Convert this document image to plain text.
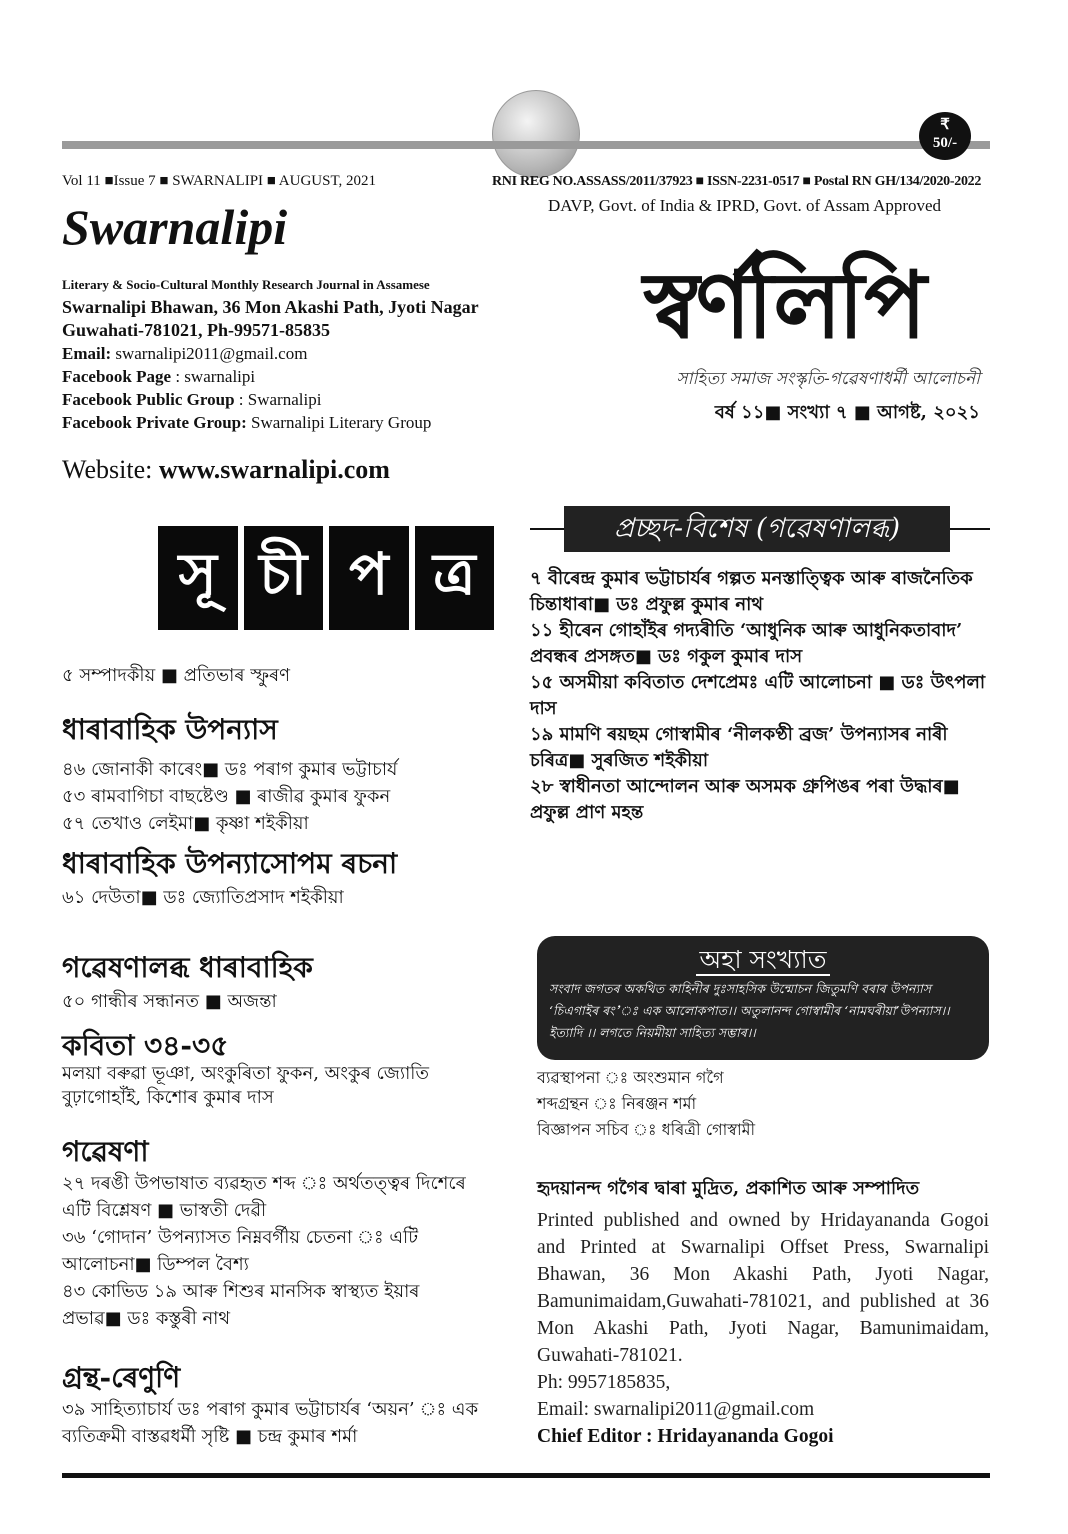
₹
50/-
Vol 11 ■Issue 7 ■ SWARNALIPI ■ AUGUST, 2021	RNI REG NO.ASSASS/2011/37923 ■ ISSN-2231-0517 ■ Postal RN GH/134/2020-2022
DAVP, Govt. of India & IPRD, Govt. of Assam Approved
Swarnalipi
Literary & Socio-Cultural Monthly Research Journal in Assamese
Swarnalipi Bhawan, 36 Mon Akashi Path, Jyoti Nagar
Guwahati-781021, Ph-99571-85835
Email: swarnalipi2011@gmail.com
Facebook Page : swarnalipi
Facebook Public Group : Swarnalipi
Facebook Private Group: Swarnalipi Literary Group
স্বৰ্ণলিপি
সাহিত্য সমাজ সংস্কৃতি-গৱেষণাধৰ্মী আলোচনী
বৰ্ষ ১১■ সংখ্যা ৭ ■ আগষ্ট, ২০২১
Website: www.swarnalipi.com
সূ চী প ত্র
৫ সম্পাদকীয় ■ প্ৰতিভাৰ স্ফুৰণ
ধাৰাবাহিক উপন্যাস
৪৬ জোনাকী কাৰেং■ ডঃ পৰাগ কুমাৰ ভট্টাচাৰ্য
৫৩ ৰামবাগিচা বাছষ্টেণ্ড ■ ৰাজীৱ কুমাৰ ফুকন
৫৭ তেখাও লেইমা■ কৃষ্ণা শইকীয়া
ধাৰাবাহিক উপন্যাসোপম ৰচনা
৬১ দেউতা■ ডঃ জ্যোতিপ্ৰসাদ শইকীয়া
গৱেষণালব্ধ ধাৰাবাহিক
৫০ গান্ধীৰ সন্ধানত ■ অজন্তা
কবিতা ৩৪-৩৫
মলয়া বৰুৱা ভূঞা, অংকুৰিতা ফুকন, অংকুৰ জ্যোতি বুঢ়াগোহাঁই, কিশোৰ কুমাৰ দাস
গৱেষণা
২৭ দৰঙী উপভাষাত ব্যৱহৃত শব্দ ঃ অৰ্থতত্ত্বৰ দিশেৰে এটি বিশ্লেষণ ■ ভাস্বতী দেৱী
৩৬ ‘গোদান’ উপন্যাসত নিম্নবৰ্গীয় চেতনা ঃ এটি আলোচনা■ ডিম্পল বৈশ্য
৪৩ কোভিড ১৯ আৰু শিশুৰ মানসিক স্বাস্থ্যত ইয়াৰ প্ৰভাৱ■ ডঃ কস্তুৰী নাথ
গ্ৰন্থ-ৰেণুণি
৩৯ সাহিত্যাচাৰ্য ডঃ পৰাগ কুমাৰ ভট্টাচাৰ্যৰ ‘অয়ন’ ঃ এক ব্যতিক্ৰমী বাস্তৱধৰ্মী সৃষ্টি ■ চন্দ্ৰ কুমাৰ শৰ্মা
প্ৰচ্ছদ-বিশেষ (গৱেষণালব্ধ)
৭ বীৰেন্দ্ৰ কুমাৰ ভট্টাচাৰ্যৰ গল্পত মনস্তাত্ত্বিক আৰু ৰাজনৈতিক চিন্তাধাৰা■ ডঃ প্ৰফুল্ল কুমাৰ নাথ
১১ হীৰেন গোহাঁইৰ গদ্যৰীতি ‘আধুনিক আৰু আধুনিকতাবাদ’ প্ৰবন্ধৰ প্ৰসঙ্গত■ ডঃ গকুল কুমাৰ দাস
১৫ অসমীয়া কবিতাত দেশপ্ৰেমঃ এটি আলোচনা ■ ডঃ উৎপলা দাস
১৯ মামণি ৰয়ছম গোস্বামীৰ ‘নীলকণ্ঠী ব্ৰজ’ উপন্যাসৰ নাৰী চৰিত্ৰ■ সুৰজিত শইকীয়া
২৮ স্বাধীনতা আন্দোলন আৰু অসমক গ্ৰুপিঙৰ পৰা উদ্ধাৰ■ প্ৰফুল্ল প্ৰাণ মহন্ত
অহা সংখ্যাত
সংবাদ জগতৰ অকথিত কাহিনীৰ দুঃসাহসিক উন্মোচন জিতুমণি বৰাৰ উপন্যাস ‘চিএগাইৰ ৰং’ঃ এক আলোকপাত।। অতুলানন্দ গোস্বামীৰ ‘নামঘৰীয়া’উপন্যাস।। ইত্যাদি ।। লগতে নিয়মীয়া সাহিত্য সম্ভাৰ।।
ব্যৱস্থাপনা ঃ অংশুমান গগৈ
শব্দগ্ৰন্থন ঃ নিৰঞ্জন শৰ্মা
বিজ্ঞাপন সচিব ঃ ধৰিত্ৰী গোস্বামী
হৃদয়ানন্দ গগৈৰ দ্বাৰা মুদ্ৰিত, প্ৰকাশিত আৰু সম্পাদিত
Printed published and owned by Hridayananda Gogoi and Printed at Swarnalipi Offset Press, Swarnalipi Bhawan, 36 Mon Akashi Path, Jyoti Nagar, Bamunimaidam,Guwahati-781021, and published at 36 Mon Akashi Path, Jyoti Nagar, Bamunimaidam, Guwahati-781021.
Ph: 9957185835,
Email: swarnalipi2011@gmail.com
Chief Editor : Hridayananda Gogoi
